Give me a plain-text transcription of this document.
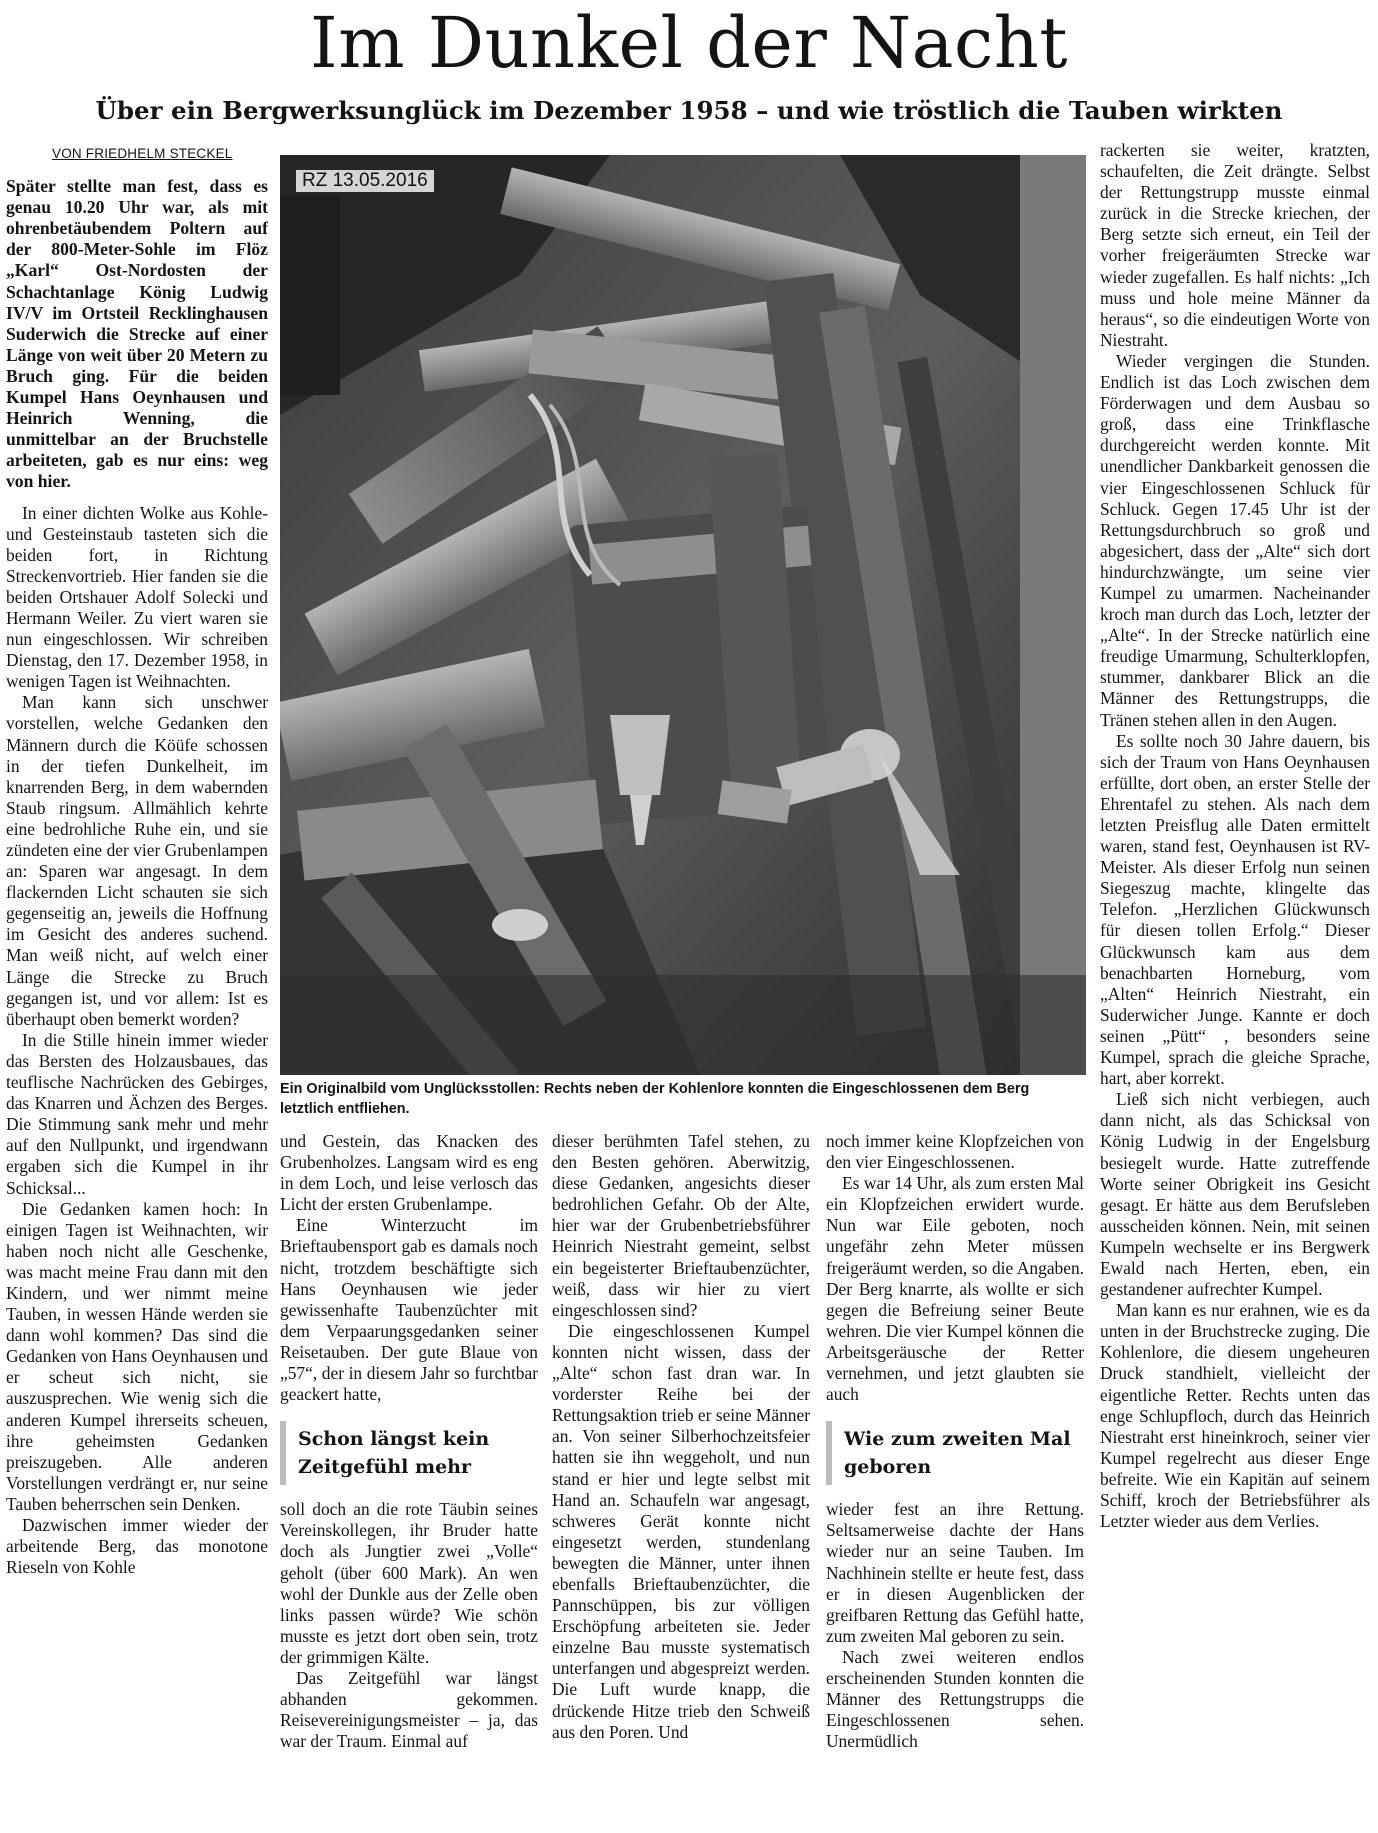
Im Dunkel der Nacht
Über ein Bergwerksunglück im Dezember 1958 – und wie tröstlich die Tauben wirkten

VON FRIEDHELM STECKEL

Später stellte man fest, dass es genau 10.20 Uhr war, als mit ohrenbetäubendem Poltern auf der 800-Meter-Sohle im Flöz „Karl“ Ost-Nordosten der Schachtanlage König Ludwig IV/V im Ortsteil Recklinghausen Suderwich die Strecke auf einer Länge von weit über 20 Metern zu Bruch ging. Für die beiden Kumpel Hans Oeynhausen und Heinrich Wenning, die unmittelbar an der Bruchstelle arbeiteten, gab es nur eins: weg von hier.

In einer dichten Wolke aus Kohle- und Gesteinstaub tasteten sich die beiden fort, in Richtung Streckenvortrieb. Hier fanden sie die beiden Ortshauer Adolf Solecki und Hermann Weiler. Zu viert waren sie nun eingeschlossen. Wir schreiben Dienstag, den 17. Dezember 1958, in wenigen Tagen ist Weihnachten.

Man kann sich unschwer vorstellen, welche Gedanken den Männern durch die Köüfe schossen in der tiefen Dunkelheit, im knarrenden Berg, in dem wabernden Staub ringsum. Allmählich kehrte eine bedrohliche Ruhe ein, und sie zündeten eine der vier Grubenlampen an: Sparen war angesagt. In dem flackernden Licht schauten sie sich gegenseitig an, jeweils die Hoffnung im Gesicht des anderes suchend. Man weiß nicht, auf welch einer Länge die Strecke zu Bruch gegangen ist, und vor allem: Ist es überhaupt oben bemerkt worden?

In die Stille hinein immer wieder das Bersten des Holzausbaues, das teuflische Nachrücken des Gebirges, das Knarren und Ächzen des Berges. Die Stimmung sank mehr und mehr auf den Nullpunkt, und irgendwann ergaben sich die Kumpel in ihr Schicksal...

Die Gedanken kamen hoch: In einigen Tagen ist Weihnachten, wir haben noch nicht alle Geschenke, was macht meine Frau dann mit den Kindern, und wer nimmt meine Tauben, in wessen Hände werden sie dann wohl kommen? Das sind die Gedanken von Hans Oeynhausen und er scheut sich nicht, sie auszusprechen. Wie wenig sich die anderen Kumpel ihrerseits scheuen, ihre geheimsten Gedanken preiszugeben. Alle anderen Vorstellungen verdrängt er, nur seine Tauben beherrschen sein Denken.

Dazwischen immer wieder der arbeitende Berg, das monotone Rieseln von Kohle

RZ 13.05.2016
Ein Originalbild vom Unglücksstollen: Rechts neben der Kohlenlore konnten die Eingeschlossenen dem Berg letztlich entfliehen.

und Gestein, das Knacken des Grubenholzes. Langsam wird es eng in dem Loch, und leise verlosch das Licht der ersten Grubenlampe.

Eine Winterzucht im Brieftaubensport gab es damals noch nicht, trotzdem beschäftigte sich Hans Oeynhausen wie jeder gewissenhafte Taubenzüchter mit dem Verpaarungsgedanken seiner Reisetauben. Der gute Blaue von „57“, der in diesem Jahr so furchtbar geackert hatte,

Schon längst kein Zeitgefühl mehr

soll doch an die rote Täubin seines Vereinskollegen, ihr Bruder hatte doch als Jungtier zwei „Volle“ geholt (über 600 Mark). An wen wohl der Dunkle aus der Zelle oben links passen würde? Wie schön musste es jetzt dort oben sein, trotz der grimmigen Kälte.

Das Zeitgefühl war längst abhanden gekommen. Reisevereinigungsmeister – ja, das war der Traum. Einmal auf

dieser berühmten Tafel stehen, zu den Besten gehören. Aberwitzig, diese Gedanken, angesichts dieser bedrohlichen Gefahr. Ob der Alte, hier war der Grubenbetriebsführer Heinrich Niestraht gemeint, selbst ein begeisterter Brieftaubenzüchter, weiß, dass wir hier zu viert eingeschlossen sind?

Die eingeschlossenen Kumpel konnten nicht wissen, dass der „Alte“ schon fast dran war. In vorderster Reihe bei der Rettungsaktion trieb er seine Männer an. Von seiner Silberhochzeitsfeier hatten sie ihn weggeholt, und nun stand er hier und legte selbst mit Hand an. Schaufeln war angesagt, schweres Gerät konnte nicht eingesetzt werden, stundenlang bewegten die Männer, unter ihnen ebenfalls Brieftaubenzüchter, die Pannschüppen, bis zur völligen Erschöpfung arbeiteten sie. Jeder einzelne Bau musste systematisch unterfangen und abgespreizt werden. Die Luft wurde knapp, die drückende Hitze trieb den Schweiß aus den Poren. Und

noch immer keine Klopfzeichen von den vier Eingeschlossenen.

Es war 14 Uhr, als zum ersten Mal ein Klopfzeichen erwidert wurde. Nun war Eile geboten, noch ungefähr zehn Meter müssen freigeräumt werden, so die Angaben. Der Berg knarrte, als wollte er sich gegen die Befreiung seiner Beute wehren. Die vier Kumpel können die Arbeitsgeräusche der Retter vernehmen, und jetzt glaubten sie auch

Wie zum zweiten Mal geboren

wieder fest an ihre Rettung. Seltsamerweise dachte der Hans wieder nur an seine Tauben. Im Nachhinein stellte er heute fest, dass er in diesen Augenblicken der greifbaren Rettung das Gefühl hatte, zum zweiten Mal geboren zu sein.

Nach zwei weiteren endlos erscheinenden Stunden konnten die Männer des Rettungstrupps die Eingeschlossenen sehen. Unermüdlich

rackerten sie weiter, kratzten, schaufelten, die Zeit drängte. Selbst der Rettungstrupp musste einmal zurück in die Strecke kriechen, der Berg setzte sich erneut, ein Teil der vorher freigeräumten Strecke war wieder zugefallen. Es half nichts: „Ich muss und hole meine Männer da heraus“, so die eindeutigen Worte von Niestraht.

Wieder vergingen die Stunden. Endlich ist das Loch zwischen dem Förderwagen und dem Ausbau so groß, dass eine Trinkflasche durchgereicht werden konnte. Mit unendlicher Dankbarkeit genossen die vier Eingeschlossenen Schluck für Schluck. Gegen 17.45 Uhr ist der Rettungsdurchbruch so groß und abgesichert, dass der „Alte“ sich dort hindurchzwängte, um seine vier Kumpel zu umarmen. Nacheinander kroch man durch das Loch, letzter der „Alte“. In der Strecke natürlich eine freudige Umarmung, Schulterklopfen, stummer, dankbarer Blick an die Männer des Rettungstrupps, die Tränen stehen allen in den Augen.

Es sollte noch 30 Jahre dauern, bis sich der Traum von Hans Oeynhausen erfüllte, dort oben, an erster Stelle der Ehrentafel zu stehen. Als nach dem letzten Preisflug alle Daten ermittelt waren, stand fest, Oeynhausen ist RV-Meister. Als dieser Erfolg nun seinen Siegeszug machte, klingelte das Telefon. „Herzlichen Glückwunsch für diesen tollen Erfolg.“ Dieser Glückwunsch kam aus dem benachbarten Horneburg, vom „Alten“ Heinrich Niestraht, ein Suderwicher Junge. Kannte er doch seinen „Pütt“ , besonders seine Kumpel, sprach die gleiche Sprache, hart, aber korrekt.

Ließ sich nicht verbiegen, auch dann nicht, als das Schicksal von König Ludwig in der Engelsburg besiegelt wurde. Hatte zutreffende Worte seiner Obrigkeit ins Gesicht gesagt. Er hätte aus dem Berufsleben ausscheiden können. Nein, mit seinen Kumpeln wechselte er ins Bergwerk Ewald nach Herten, eben, ein gestandener aufrechter Kumpel.

Man kann es nur erahnen, wie es da unten in der Bruchstrecke zuging. Die Kohlenlore, die diesem ungeheuren Druck standhielt, vielleicht der eigentliche Retter. Rechts unten das enge Schlupfloch, durch das Heinrich Niestraht erst hineinkroch, seiner vier Kumpel regelrecht aus dieser Enge befreite. Wie ein Kapitän auf seinem Schiff, kroch der Betriebsführer als Letzter wieder aus dem Verlies.
